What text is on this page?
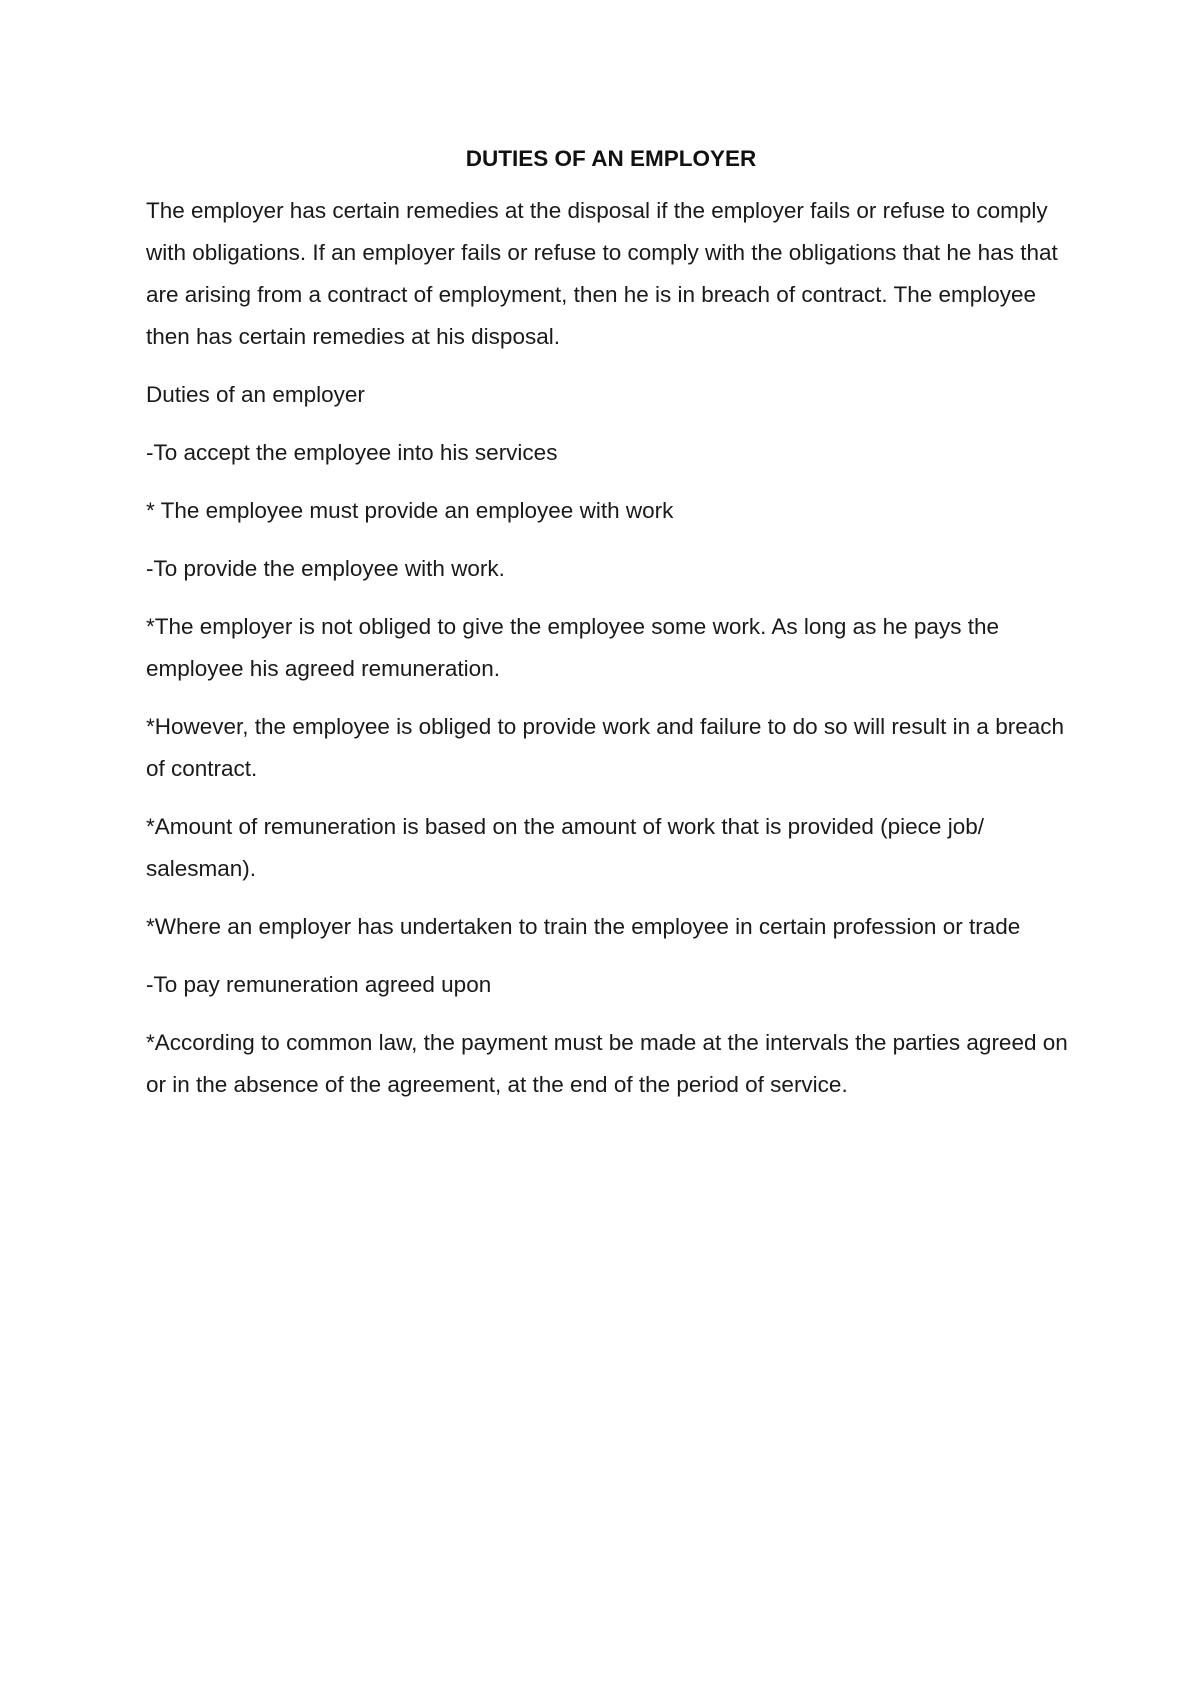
DUTIES OF AN EMPLOYER

The employer has certain remedies at the disposal if the employer fails or refuse to comply with obligations. If an employer fails or refuse to comply with the obligations that he has that are arising from a contract of employment, then he is in breach of contract. The employee then has certain remedies at his disposal.

Duties of an employer

-To accept the employee into his services

* The employee must provide an employee with work

-To provide the employee with work.

*The employer is not obliged to give the employee some work. As long as he pays the employee his agreed remuneration.

*However, the employee is obliged to provide work and failure to do so will result in a breach of contract.

*Amount of remuneration is based on the amount of work that is provided (piece job/ salesman).

*Where an employer has undertaken to train the employee in certain profession or trade

-To pay remuneration agreed upon

*According to common law, the payment must be made at the intervals the parties agreed on or in the absence of the agreement, at the end of the period of service.
